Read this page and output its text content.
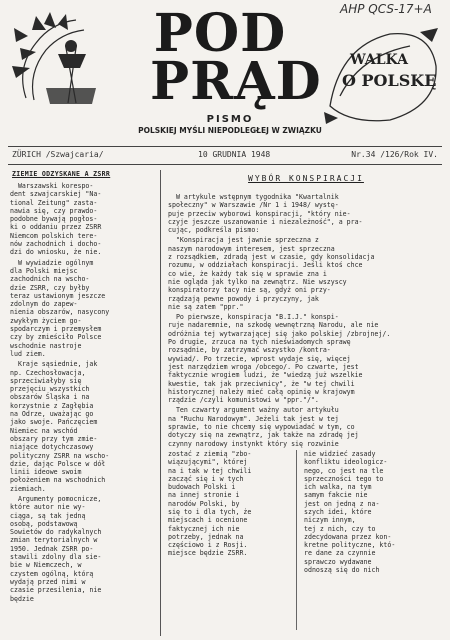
AHP QCS-17+A
POD
PRĄD WALKA
O POLSKĘ
PISMO
POLSKIEJ MYŚLI NIEPODLEGŁEJ W ZWIĄZKU
ZÜRICH /Szwajcaria/	10 GRUDNIA 1948	Nr.34 /126/Rok IV.
ZIEMIE ODZYSKANE A ZSRR
Warszawski korespo-
dent szwajcarskiej "Na-
tional Zeitung" zasta-
nawia się, czy prawdo-
podobne bywają pogłos-
ki o oddaniu przez ZSRR
Niemcom polskich tere-
nów zachodnich i docho-
dzi do wniosku, że nie.
W wywiadzie ogólnym
dla Polski miejsc
zachodnich na wscho-
dzie ZSRR, czy byłby
teraz ustawionym jeszcze
zdolnym do zapew-
nienia obszarów, nasycony
zwykłym życiem go-
spodarczym i przemysłem
czy by zmieściło Polsce
wschodnie nastroje
lud ziem.
Kraje sąsiednie, jak
np. Czechosłowacja,
sprzeciwiałyby się
przejęciu wszystkich
obszarów Śląska i na
korzystnie z Zagłębia
na Odrze, uważając go
jako swoje. Pańczęciem
Niemiec na wschód
obszary przy tym zmie-
niające dotychczasowy
polityczny ZSRR na wscho-
dzie, dając Polsce w dół
linii ideowe swoim
położeniem na wschodnich
ziemiach.
Argumenty pomocnicze,
które autor nie wy-
ciąga, są tak jedną
osobą, podstawową
Sowietów do radykalnych
zmian terytorialnych w
1950. Jednak ZSRR po-
stawili zdolny dla sie-
bie w Niemczech, w
czystem ogólną, którą
wydają przed nimi w
czasie przesilenia, nie
będzie
WYBÓR KONSPIRACJI
W artykule wstępnym tygodnika "Kwartalnik
społeczny" w Warszawie /Nr 1 i 1948/ wystę-
puje przeciw wyborowi konspiracji, "który nie-
czyje jeszcze uszanowanie i niezależność", a pra-
cując, podkreśla pismo:
"Konspiracja jest jawnie sprzeczna z
naszym narodowym interesem, jest sprzeczna
z rozsądkiem, zdradą jest w czasie, gdy konsolidacja
rozumu, w oddziałach konspiracji. Jeśli ktoś chce
co wie, że każdy tak się w sprawie zna i
nie ogląda jak tylko na zewnątrz. Nie wszyscy
konspiratorzy tacy nie są, gdyż oni przy-
rządzają pewne powody i przyczyny, jak
nie są zatem "ppr."
Po pierwsze, konspiracja "B.I.J." konspi-
ruje nadaremnie, na szkodę wewnętrzną Narodu, ale nie
odróżnia tej wytwarzającej się jako polskiej /zbrojnej/.
Po drugie, zrzuca na tych nieświadomych sprawę
rozsądnie, by zatrzymać wszystko /kontra-
wywiad/. Po trzecie, wprost wydaje się, więcej
jest narzędziem wroga /obcego/. Po czwarte, jest
faktycznie wrogiem ludzi, że "wiedzą już wszelkie
kwestie, tak jak przeciwnicy", że "w tej chwili
historycznej należy mieć całą opinię w krajowym
rządzie /czyli komunistowi w "ppr."/".
Ten czwarty argument ważny autor artykułu
na "Ruchu Narodowym". Jeżeli tak jest w tej
sprawie, to nie chcemy się wypowiadać w tym, co
dotyczy się na zewnątrz, jak także na zdradę jej
czynny narodowy instynkt który się rozwinie
zostać z ziemią "zbo-
wiązującymi", której
na i tak w tej chwili
zacząć się i w tych
budowach Polski i
na innej stronie i
narodów Polski, by
się to i dla tych, że
miejscach i ocenione
faktycznej ich nie
potrzeby, jednak na
częściowo i z Rosji.
miejsce będzie ZSRR.
nie widzieć zasady
konfliktu ideologicz-
nego, co jest na tle
sprzeczności tego to
ich walka, na tym
samym fakcie nie
jest on jedną z na-
szych idei, które
niczym innym,
tej z nich, czy to
zdecydowana przez kon-
kretne polityczne, któ-
re dane za czynnie
sprawczo wydawane
odnoszą się do nich
